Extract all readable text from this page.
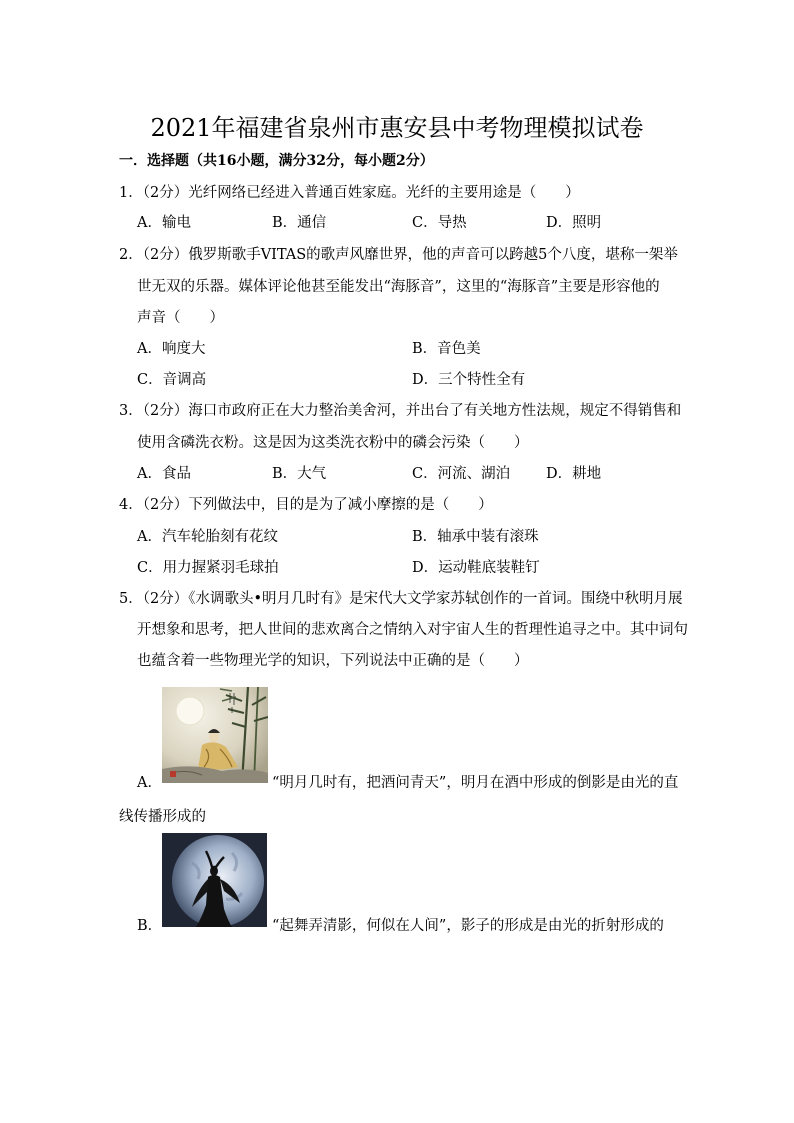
2021年福建省泉州市惠安县中考物理模拟试卷
一．选择题（共16小题，满分32分，每小题2分）
1．（2分）光纤网络已经进入普通百姓家庭。光纤的主要用途是（　　）
A．输电	B．通信	C．导热	D．照明
2．（2分）俄罗斯歌手VITAS的歌声风靡世界，他的声音可以跨越5个八度，堪称一架举
世无双的乐器。媒体评论他甚至能发出“海豚音”，这里的“海豚音”主要是形容他的
声音（　　）
A．响度大	B．音色美
C．音调高	D．三个特性全有
3．（2分）海口市政府正在大力整治美舍河，并出台了有关地方性法规，规定不得销售和
使用含磷洗衣粉。这是因为这类洗衣粉中的磷会污染（　　）
A．食品	B．大气	C．河流、湖泊 D．耕地
4．（2分）下列做法中，目的是为了减小摩擦的是（　　）
A．汽车轮胎刻有花纹	B．轴承中装有滚珠
C．用力握紧羽毛球拍	D．运动鞋底装鞋钉
5．（2分）《水调歌头•明月几时有》是宋代大文学家苏轼创作的一首词。围绕中秋明月展
开想象和思考，把人世间的悲欢离合之情纳入对宇宙人生的哲理性追寻之中。其中词句
也蕴含着一些物理光学的知识，下列说法中正确的是（　　）
A．	“明月几时有，把酒问青天”，明月在酒中形成的倒影是由光的直
线传播形成的
B．	“起舞弄清影，何似在人间”，影子的形成是由光的折射形成的
